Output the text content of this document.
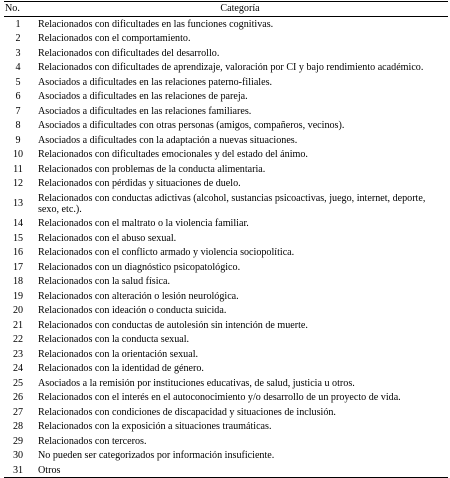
No.	Categoría
1	Relacionados con dificultades en las funciones cognitivas.
2	Relacionados con el comportamiento.
3	Relacionados con dificultades del desarrollo.
4	Relacionados con dificultades de aprendizaje, valoración por CI y bajo rendimiento académico.
5	Asociados a dificultades en las relaciones paterno-filiales.
6	Asociados a dificultades en las relaciones de pareja.
7	Asociados a dificultades en las relaciones familiares.
8	Asociados a dificultades con otras personas (amigos, compañeros, vecinos).
9	Asociados a dificultades con la adaptación a nuevas situaciones.
10	Relacionados con dificultades emocionales y del estado del ánimo.
11	Relacionados con problemas de la conducta alimentaria.
12	Relacionados con pérdidas y situaciones de duelo.
13	Relacionados con conductas adictivas (alcohol, sustancias psicoactivas, juego, internet, deporte, sexo, etc.).
14	Relacionados con el maltrato o la violencia familiar.
15	Relacionados con el abuso sexual.
16	Relacionados con el conflicto armado y violencia sociopolítica.
17	Relacionados con un diagnóstico psicopatológico.
18	Relacionados con la salud física.
19	Relacionados con alteración o lesión neurológica.
20	Relacionados con ideación o conducta suicida.
21	Relacionados con conductas de autolesión sin intención de muerte.
22	Relacionados con la conducta sexual.
23	Relacionados con la orientación sexual.
24	Relacionados con la identidad de género.
25	Asociados a la remisión por instituciones educativas, de salud, justicia u otros.
26	Relacionados con el interés en el autoconocimiento y/o desarrollo de un proyecto de vida.
27	Relacionados con condiciones de discapacidad y situaciones de inclusión.
28	Relacionados con la exposición a situaciones traumáticas.
29	Relacionados con terceros.
30	No pueden ser categorizados por información insuficiente.
31	Otros
